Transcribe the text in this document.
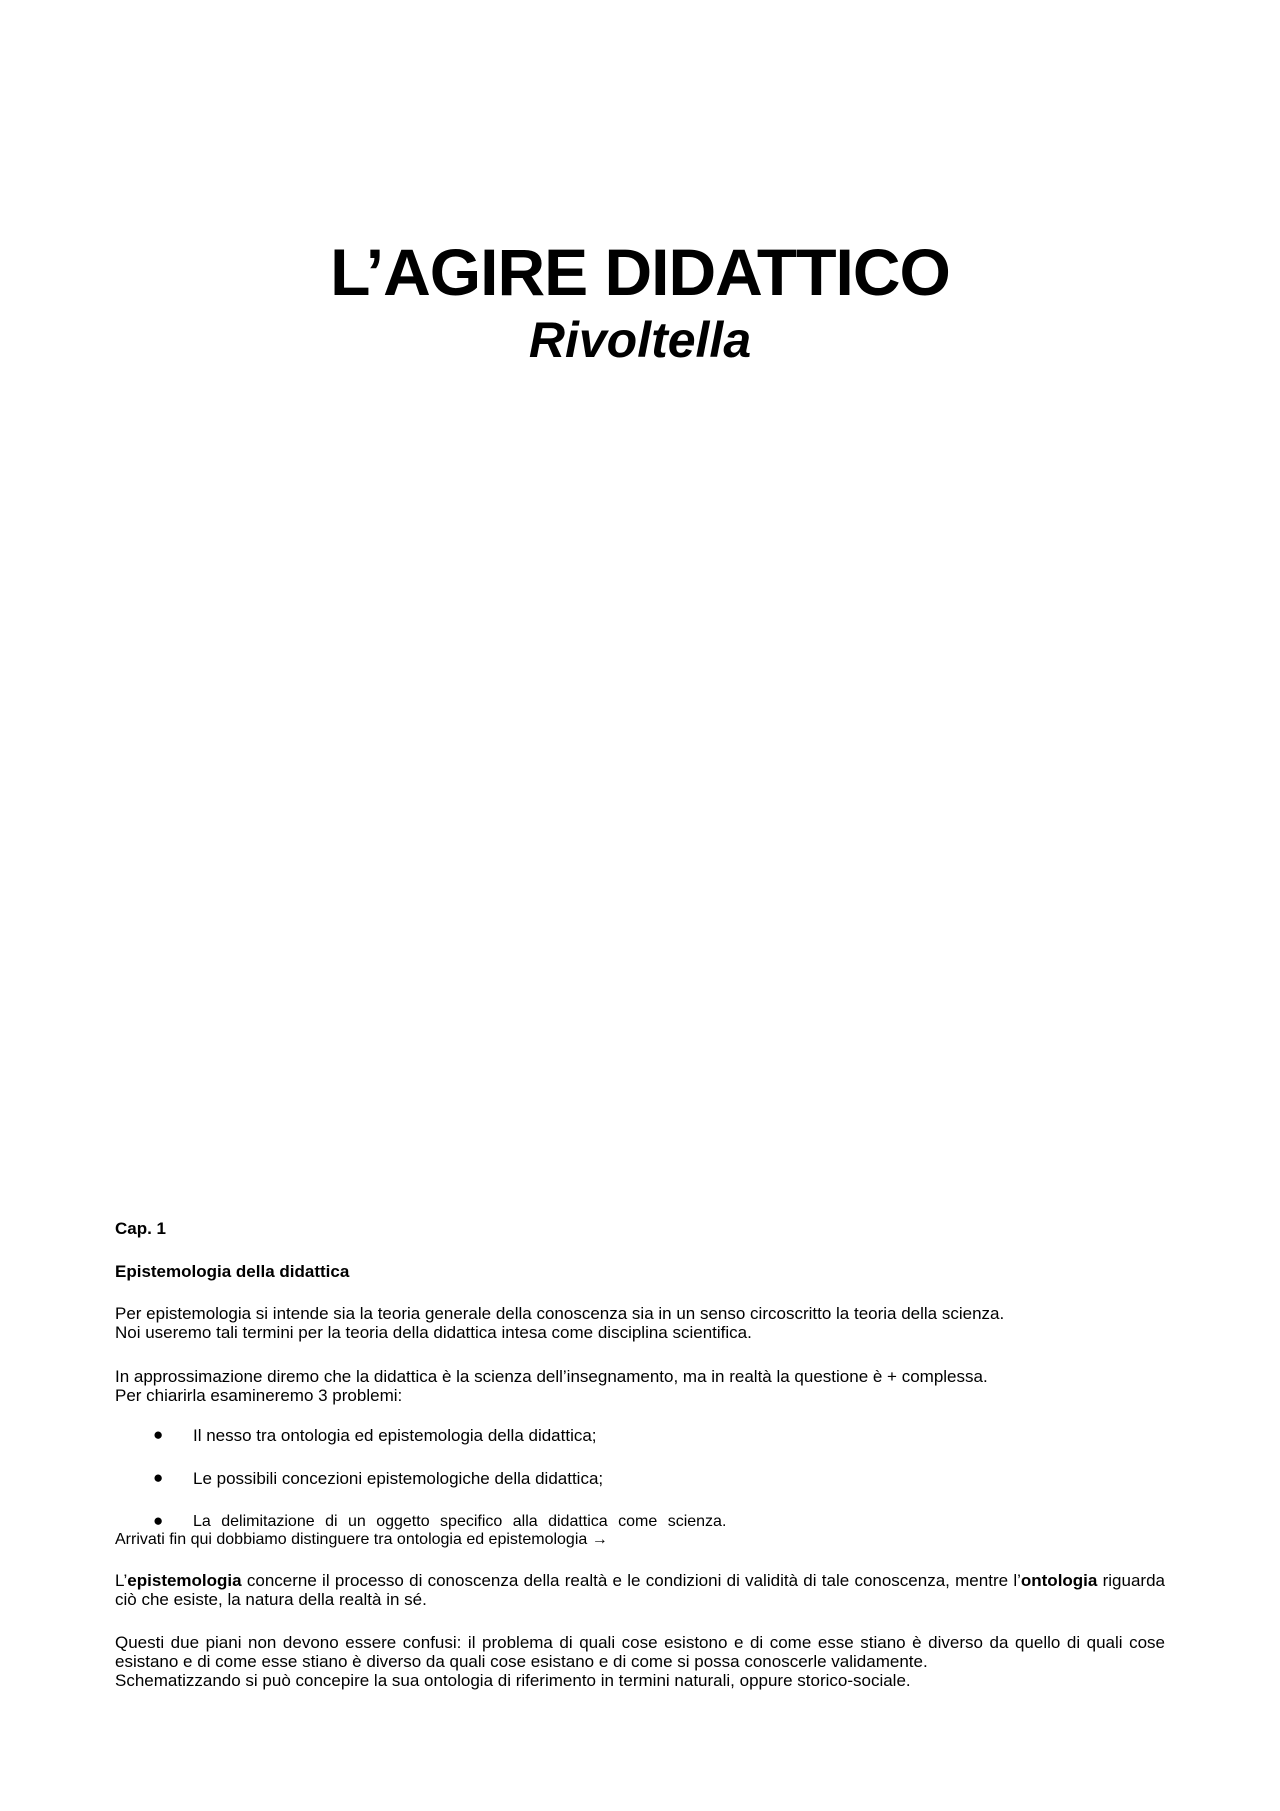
L’AGIRE DIDATTICO
Rivoltella
Cap. 1
Epistemologia della didattica
Per epistemologia si intende sia la teoria generale della conoscenza sia in un senso circoscritto la teoria della scienza.
Noi useremo tali termini per la teoria della didattica intesa come disciplina scientifica.
In approssimazione diremo che la didattica è la scienza dell’insegnamento, ma in realtà la questione è + complessa.
Per chiarirla esamineremo 3 problemi:
● Il nesso tra ontologia ed epistemologia della didattica;
● Le possibili concezioni epistemologiche della didattica;
● La delimitazione di un oggetto specifico alla didattica come scienza.
Arrivati fin qui dobbiamo distinguere tra ontologia ed epistemologia →
L’epistemologia concerne il processo di conoscenza della realtà e le condizioni di validità di tale conoscenza, mentre l’ontologia riguarda ciò che esiste, la natura della realtà in sé.
Questi due piani non devono essere confusi: il problema di quali cose esistono e di come esse stiano è diverso da quello di quali cose esistano e di come esse stiano è diverso da quali cose esistano e di come si possa conoscerle validamente.
Schematizzando si può concepire la sua ontologia di riferimento in termini naturali, oppure storico-sociale.
